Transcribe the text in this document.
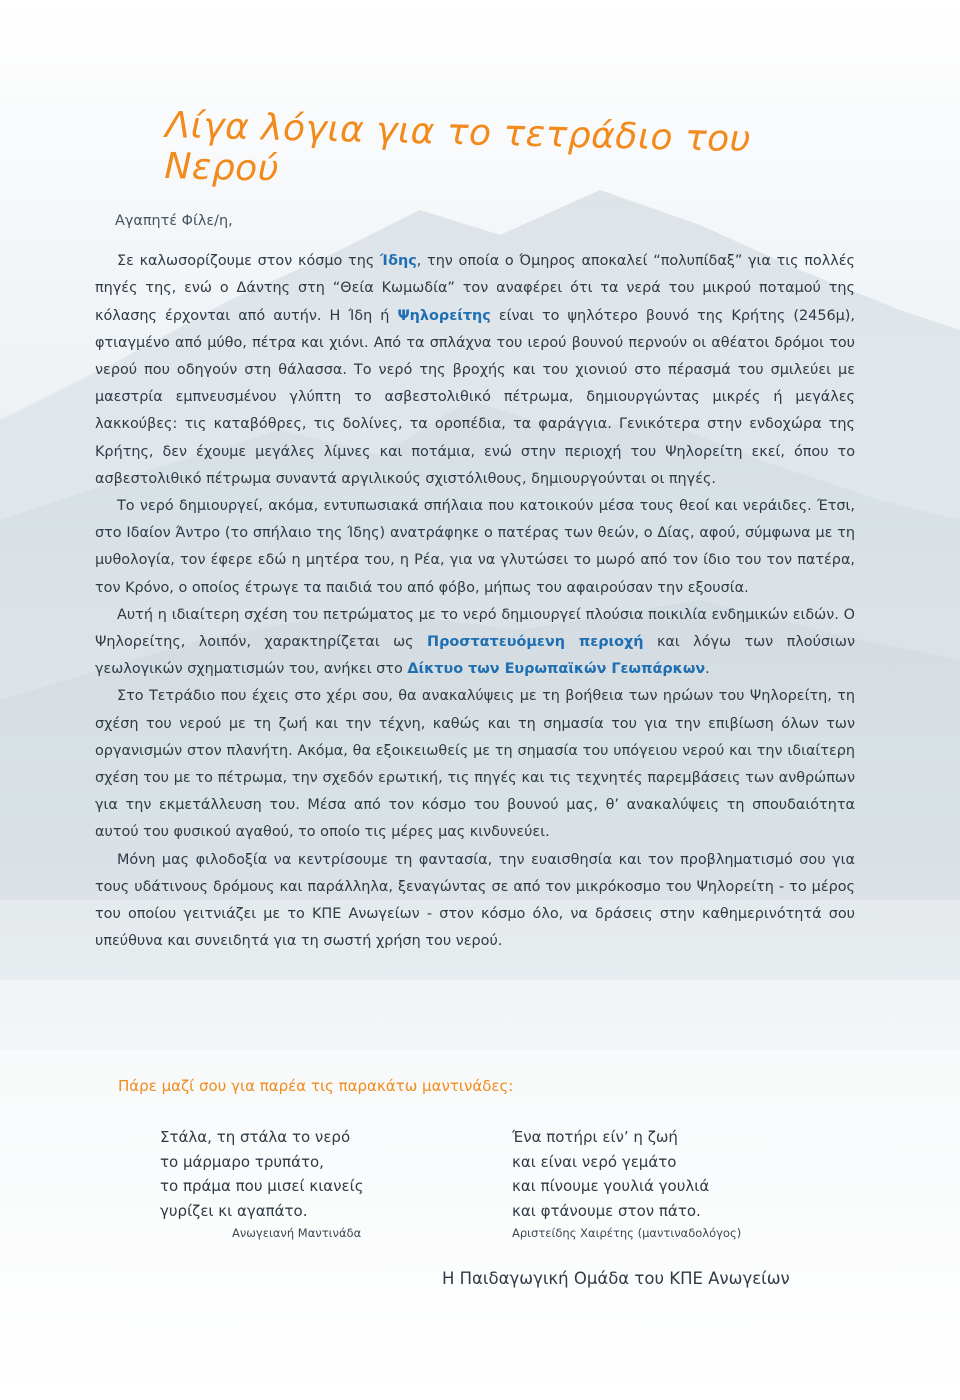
Λίγα λόγια για το τετράδιο του Νερού

Αγαπητέ Φίλε/η,

Σε καλωσορίζουμε στον κόσμο της Ίδης, την οποία ο Όμηρος αποκαλεί “πολυπίδαξ” για τις πολλές πηγές της, ενώ ο Δάντης στη “Θεία Κωμωδία” τον αναφέρει ότι τα νερά του μικρού ποταμού της κόλασης έρχονται από αυτήν. Η Ίδη ή Ψηλορείτης είναι το ψηλότερο βουνό της Κρήτης (2456μ), φτιαγμένο από μύθο, πέτρα και χιόνι. Από τα σπλάχνα του ιερού βουνού περνούν οι αθέατοι δρόμοι του νερού που οδηγούν στη θάλασσα. Το νερό της βροχής και του χιονιού στο πέρασμά του σμιλεύει με μαεστρία εμπνευσμένου γλύπτη το ασβεστολιθικό πέτρωμα, δημιουργώντας μικρές ή μεγάλες λακκούβες: τις καταβόθρες, τις δολίνες, τα οροπέδια, τα φαράγγια. Γενικότερα στην ενδοχώρα της Κρήτης, δεν έχουμε μεγάλες λίμνες και ποτάμια, ενώ στην περιοχή του Ψηλορείτη εκεί, όπου το ασβεστολιθικό πέτρωμα συναντά αργιλικούς σχιστόλιθους, δημιουργούνται οι πηγές.

Το νερό δημιουργεί, ακόμα, εντυπωσιακά σπήλαια που κατοικούν μέσα τους θεοί και νεράιδες. Έτσι, στο Ιδαίον Άντρο (το σπήλαιο της Ίδης) ανατράφηκε ο πατέρας των θεών, ο Δίας, αφού, σύμφωνα με τη μυθολογία, τον έφερε εδώ η μητέρα του, η Ρέα, για να γλυτώσει το μωρό από τον ίδιο του τον πατέρα, τον Κρόνο, ο οποίος έτρωγε τα παιδιά του από φόβο, μήπως του αφαιρούσαν την εξουσία.

Αυτή η ιδιαίτερη σχέση του πετρώματος με το νερό δημιουργεί πλούσια ποικιλία ενδημικών ειδών. Ο Ψηλορείτης, λοιπόν, χαρακτηρίζεται ως Προστατευόμενη περιοχή και λόγω των πλούσιων γεωλογικών σχηματισμών του, ανήκει στο Δίκτυο των Ευρωπαϊκών Γεωπάρκων.

Στο Τετράδιο που έχεις στο χέρι σου, θα ανακαλύψεις με τη βοήθεια των ηρώων του Ψηλορείτη, τη σχέση του νερού με τη ζωή και την τέχνη, καθώς και τη σημασία του για την επιβίωση όλων των οργανισμών στον πλανήτη. Ακόμα, θα εξοικειωθείς με τη σημασία του υπόγειου νερού και την ιδιαίτερη σχέση του με το πέτρωμα, την σχεδόν ερωτική, τις πηγές και τις τεχνητές παρεμβάσεις των ανθρώπων για την εκμετάλλευση του. Μέσα από τον κόσμο του βουνού μας, θ’ ανακαλύψεις τη σπουδαιότητα αυτού του φυσικού αγαθού, το οποίο τις μέρες μας κινδυνεύει.

Μόνη μας φιλοδοξία να κεντρίσουμε τη φαντασία, την ευαισθησία και τον προβληματισμό σου για τους υδάτινους δρόμους και παράλληλα, ξεναγώντας σε από τον μικρόκοσμο του Ψηλορείτη - το μέρος του οποίου γειτνιάζει με το ΚΠΕ Ανωγείων - στον κόσμο όλο, να δράσεις στην καθημερινότητά σου υπεύθυνα και συνειδητά για τη σωστή χρήση του νερού.

Πάρε μαζί σου για παρέα τις παρακάτω μαντινάδες:

Στάλα, τη στάλα το νερό
το μάρμαρο τρυπάτο,
το πράμα που μισεί κιανείς
γυρίζει κι αγαπάτο.
Ανωγειανή Μαντινάδα
Ένα ποτήρι είν’ η ζωή
και είναι νερό γεμάτο
και πίνουμε γουλιά γουλιά
και φτάνουμε στον πάτο.
Αριστείδης Χαιρέτης (μαντιναδολόγος)
Η Παιδαγωγική Ομάδα του ΚΠΕ Ανωγείων
